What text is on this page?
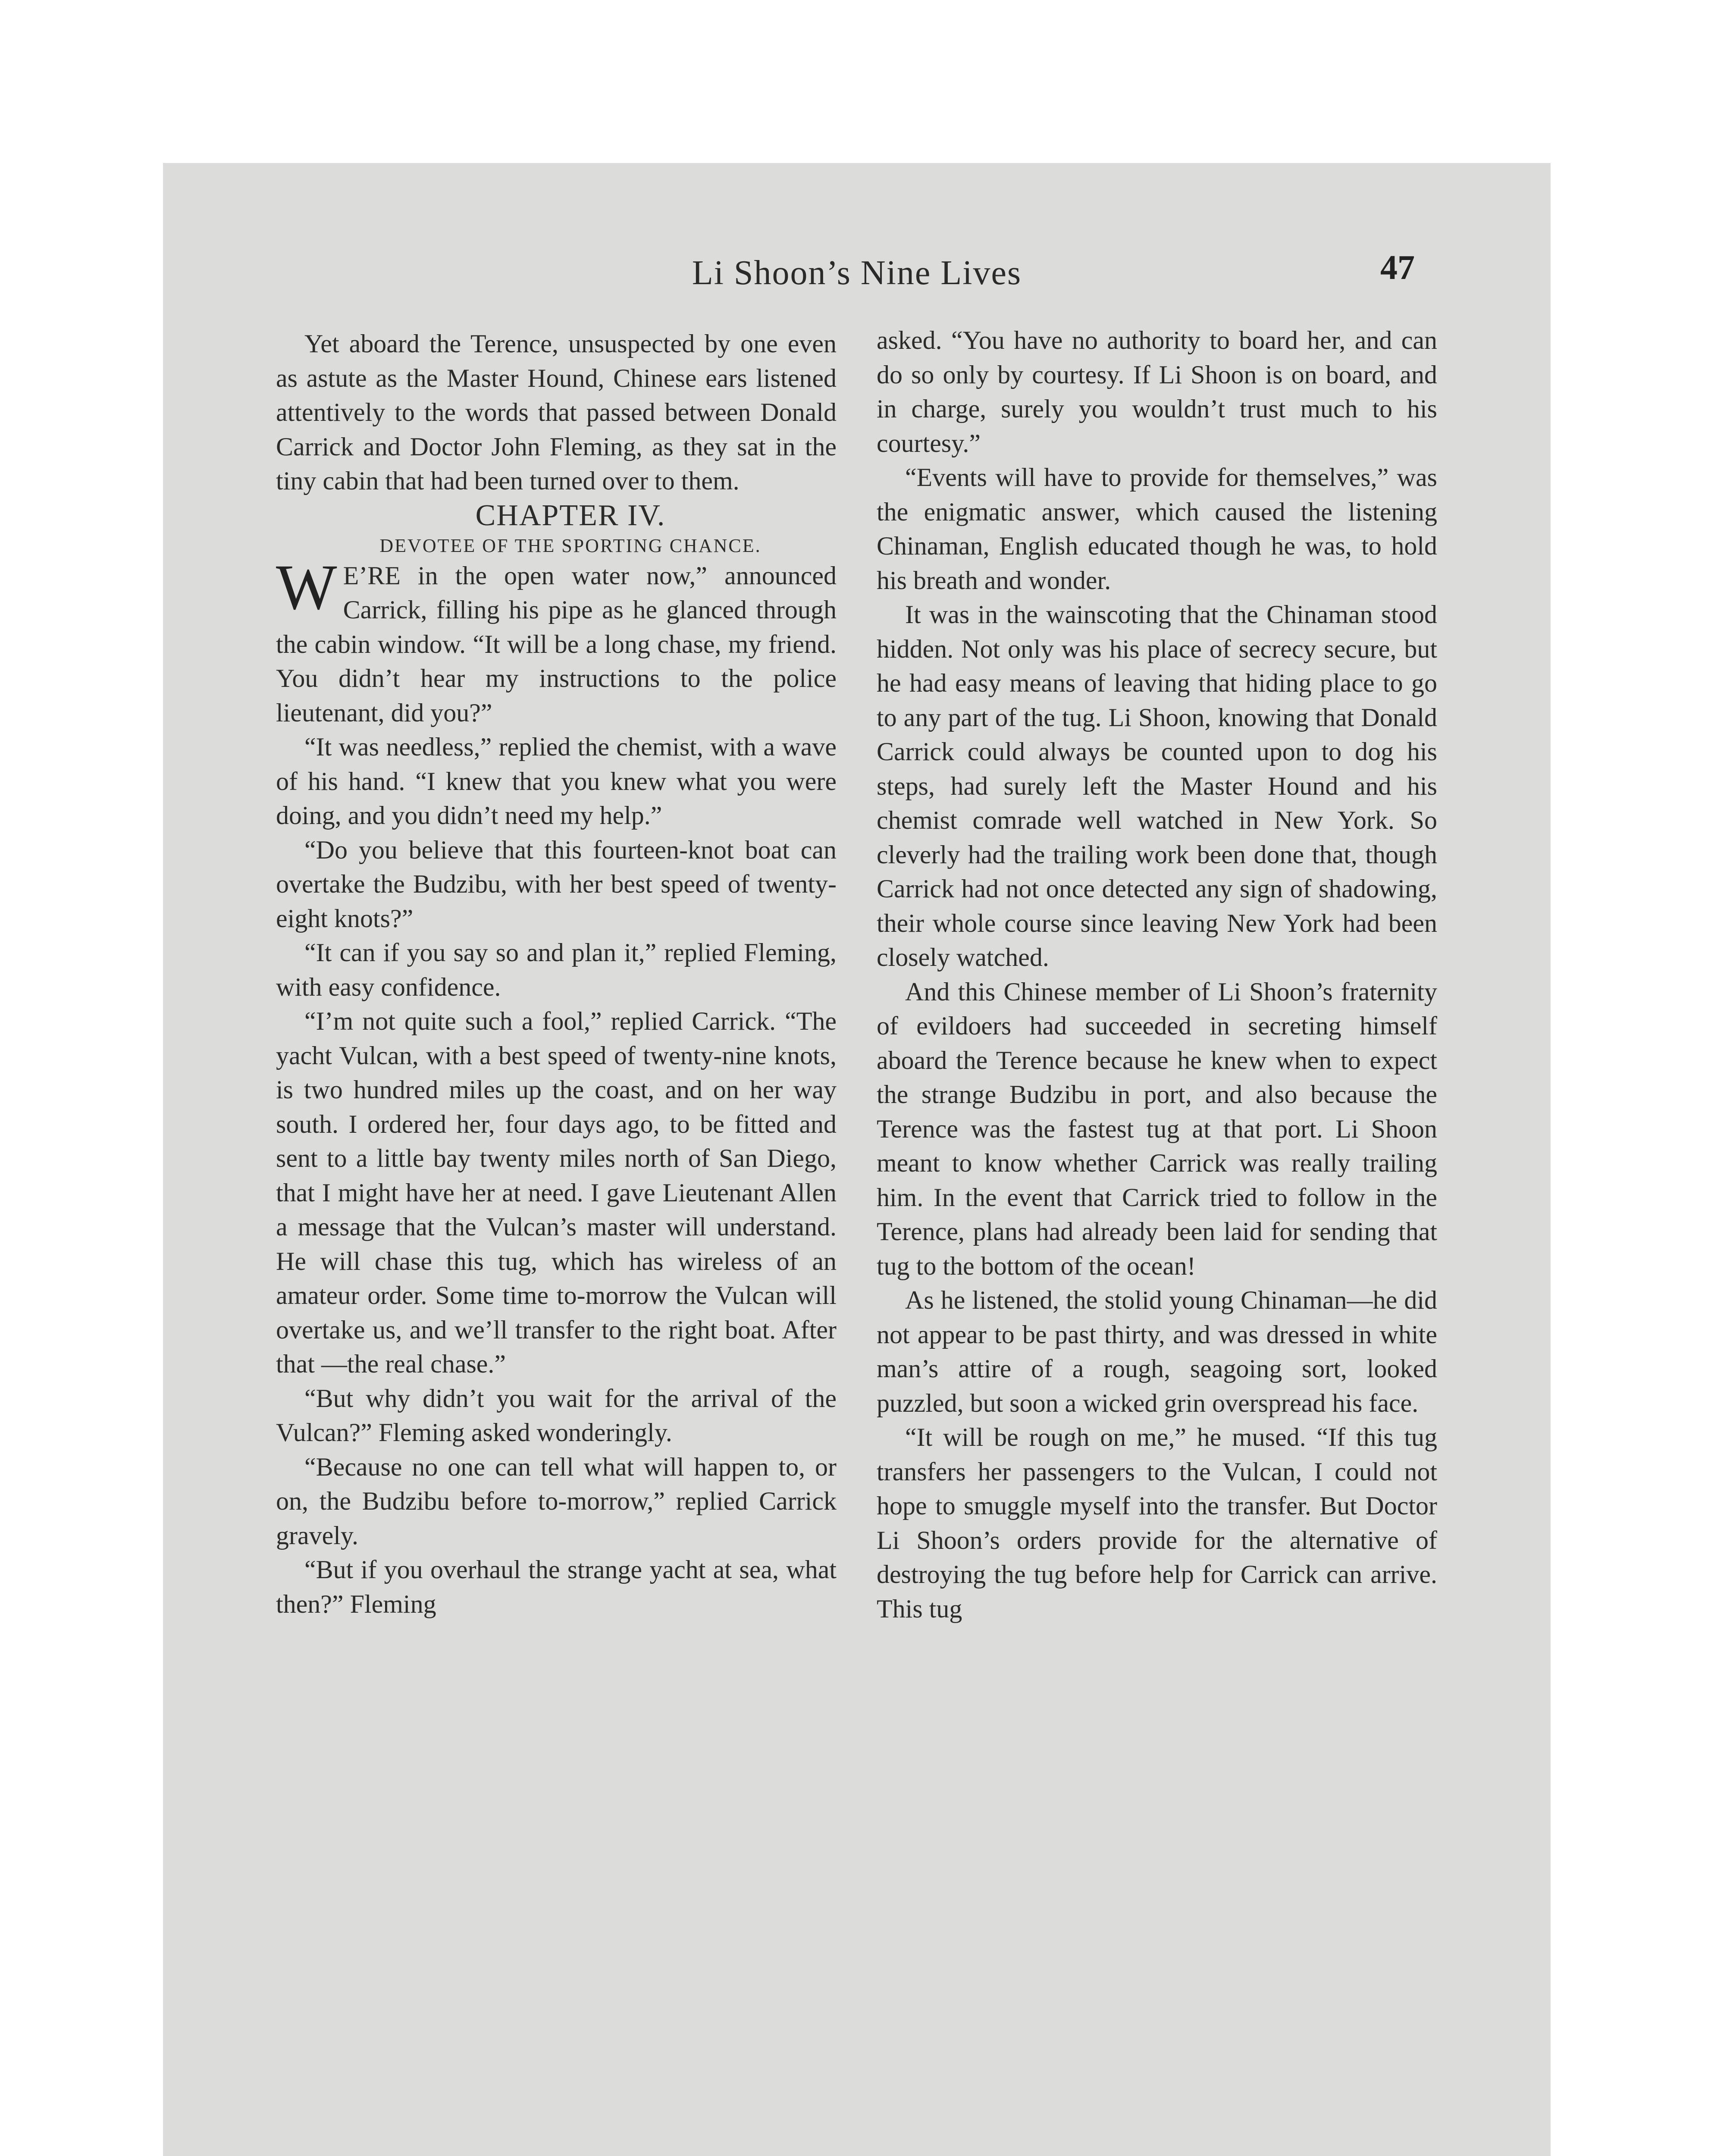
Li Shoon’s Nine Lives	47

Yet aboard the Terence, unsuspected by one even as astute as the Master Hound, Chinese ears listened attentively to the words that passed between Donald Carrick and Doctor John Fleming, as they sat in the tiny cabin that had been turned over to them.

CHAPTER IV.

DEVOTEE OF THE SPORTING CHANCE.

W E’RE in the open water now,” announced Carrick, filling his pipe as he glanced through the cabin window. “It will be a long chase, my friend. You didn’t hear my instructions to the police lieutenant, did you?”

“It was needless,” replied the chemist, with a wave of his hand. “I knew that you knew what you were doing, and you didn’t need my help.”

“Do you believe that this fourteen-knot boat can overtake the Budzibu, with her best speed of twenty-eight knots?”

“It can if you say so and plan it,” replied Fleming, with easy confidence.

“I’m not quite such a fool,” replied Carrick. “The yacht Vulcan, with a best speed of twenty-nine knots, is two hundred miles up the coast, and on her way south. I ordered her, four days ago, to be fitted and sent to a little bay twenty miles north of San Diego, that I might have her at need. I gave Lieutenant Allen a message that the Vulcan’s master will understand. He will chase this tug, which has wireless of an amateur order. Some time to-morrow the Vulcan will overtake us, and we’ll transfer to the right boat. After that —the real chase.”

“But why didn’t you wait for the arrival of the Vulcan?” Fleming asked wonderingly.

“Because no one can tell what will happen to, or on, the Budzibu before to-morrow,” replied Carrick gravely.

“But if you overhaul the strange yacht at sea, what then?” Fleming

asked. “You have no authority to board her, and can do so only by courtesy. If Li Shoon is on board, and in charge, surely you wouldn’t trust much to his courtesy.”

“Events will have to provide for themselves,” was the enigmatic answer, which caused the listening Chinaman, English educated though he was, to hold his breath and wonder.

It was in the wainscoting that the Chinaman stood hidden. Not only was his place of secrecy secure, but he had easy means of leaving that hiding place to go to any part of the tug. Li Shoon, knowing that Donald Carrick could always be counted upon to dog his steps, had surely left the Master Hound and his chemist comrade well watched in New York. So cleverly had the trailing work been done that, though Carrick had not once detected any sign of shadowing, their whole course since leaving New York had been closely watched.

And this Chinese member of Li Shoon’s fraternity of evildoers had succeeded in secreting himself aboard the Terence because he knew when to expect the strange Budzibu in port, and also because the Terence was the fastest tug at that port. Li Shoon meant to know whether Carrick was really trailing him. In the event that Carrick tried to follow in the Terence, plans had already been laid for sending that tug to the bottom of the ocean!

As he listened, the stolid young Chinaman—he did not appear to be past thirty, and was dressed in white man’s attire of a rough, seagoing sort, looked puzzled, but soon a wicked grin overspread his face.

“It will be rough on me,” he mused. “If this tug transfers her passengers to the Vulcan, I could not hope to smuggle myself into the transfer. But Doctor Li Shoon’s orders provide for the alternative of destroying the tug before help for Carrick can arrive. This tug
